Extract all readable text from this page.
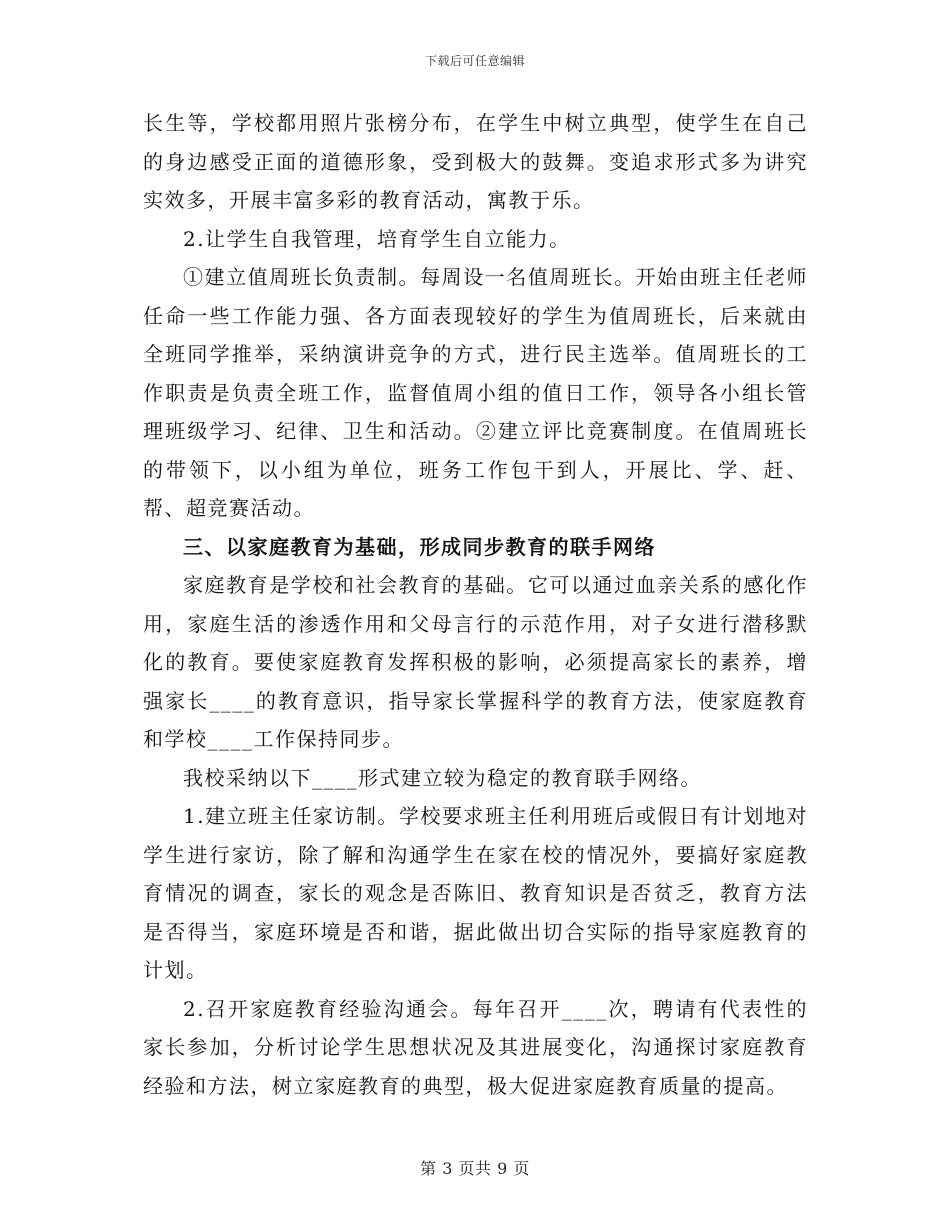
下载后可任意编辑

长生等，学校都用照片张榜分布，在学生中树立典型，使学生在自己的身边感受正面的道德形象，受到极大的鼓舞。变追求形式多为讲究实效多，开展丰富多彩的教育活动，寓教于乐。

2.让学生自我管理，培育学生自立能力。

①建立值周班长负责制。每周设一名值周班长。开始由班主任老师任命一些工作能力强、各方面表现较好的学生为值周班长，后来就由全班同学推举，采纳演讲竞争的方式，进行民主选举。值周班长的工作职责是负责全班工作，监督值周小组的值日工作，领导各小组长管理班级学习、纪律、卫生和活动。②建立评比竞赛制度。在值周班长的带领下，以小组为单位，班务工作包干到人，开展比、学、赶、帮、超竞赛活动。

三、以家庭教育为基础，形成同步教育的联手网络

家庭教育是学校和社会教育的基础。它可以通过血亲关系的感化作用，家庭生活的渗透作用和父母言行的示范作用，对子女进行潜移默化的教育。要使家庭教育发挥积极的影响，必须提高家长的素养，增强家长____的教育意识，指导家长掌握科学的教育方法，使家庭教育和学校____工作保持同步。

我校采纳以下____形式建立较为稳定的教育联手网络。

1.建立班主任家访制。学校要求班主任利用班后或假日有计划地对学生进行家访，除了解和沟通学生在家在校的情况外，要搞好家庭教育情况的调查，家长的观念是否陈旧、教育知识是否贫乏，教育方法是否得当，家庭环境是否和谐，据此做出切合实际的指导家庭教育的计划。

2.召开家庭教育经验沟通会。每年召开____次，聘请有代表性的家长参加，分析讨论学生思想状况及其进展变化，沟通探讨家庭教育经验和方法，树立家庭教育的典型，极大促进家庭教育质量的提高。

第 3 页共 9 页
